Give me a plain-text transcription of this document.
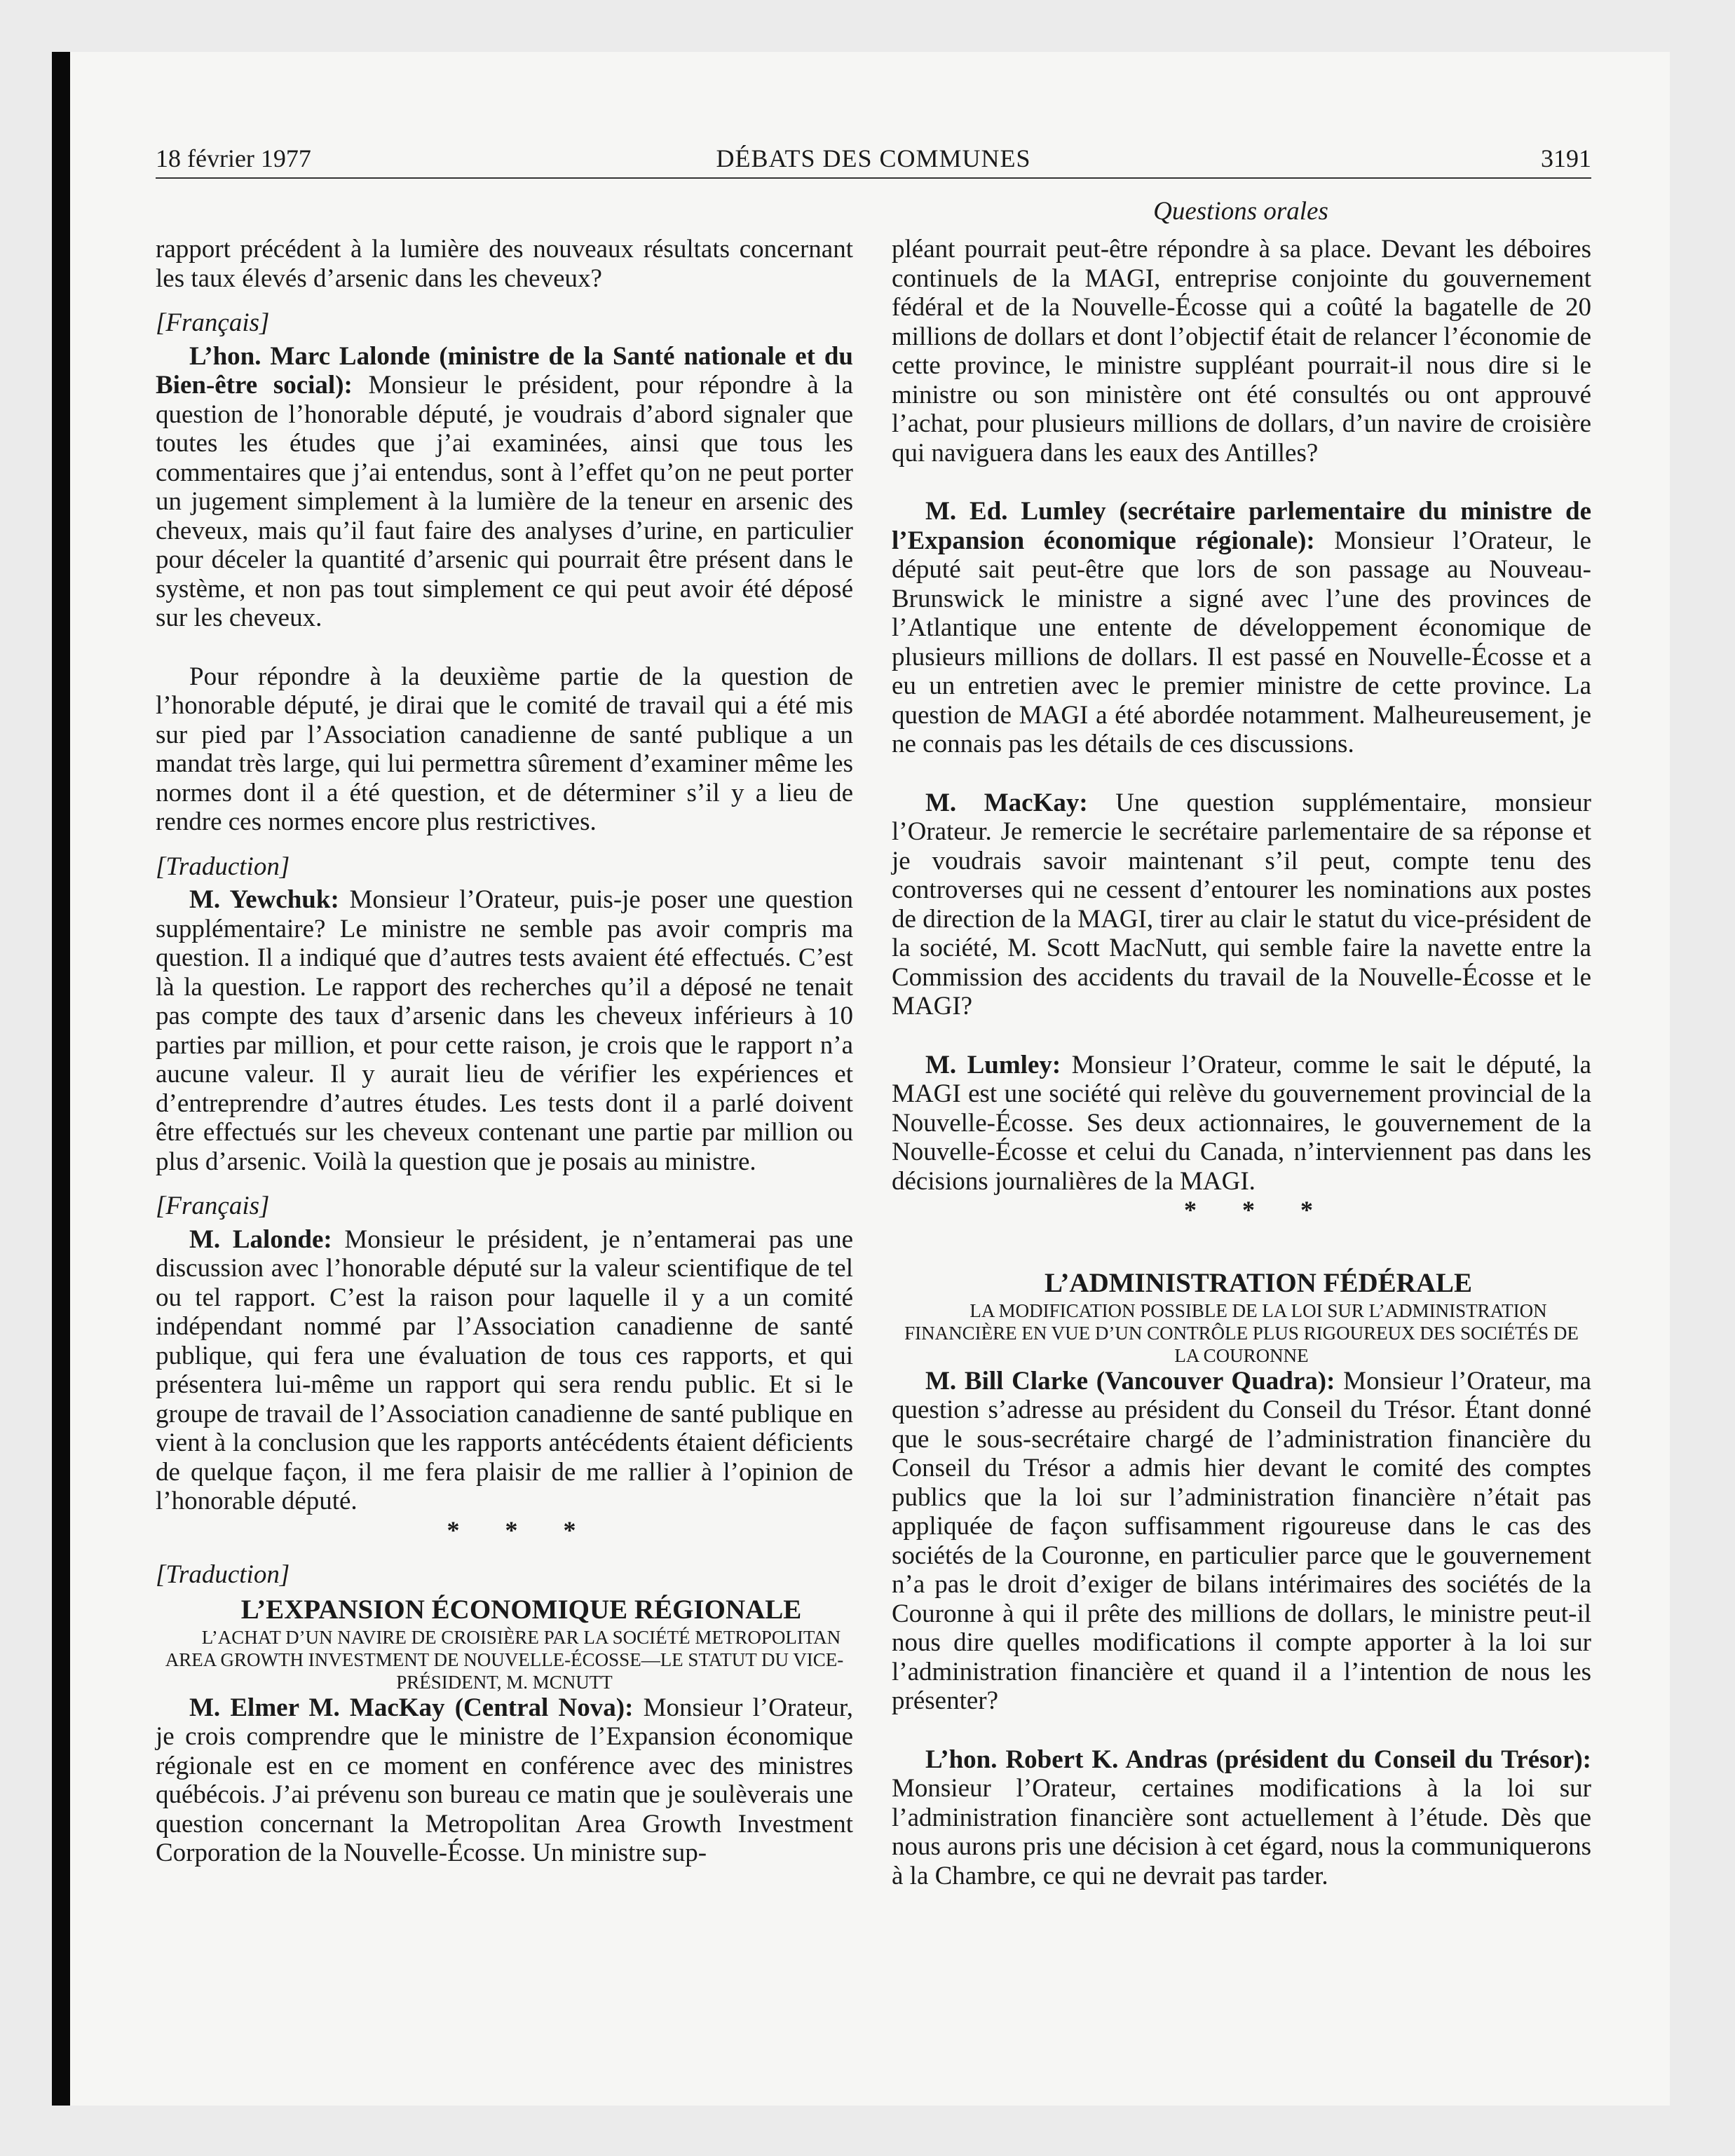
18 février 1977	DÉBATS DES COMMUNES	3191
Questions orales

rapport précédent à la lumière des nouveaux résultats concernant les taux élevés d’arsenic dans les cheveux?

[Français]

L’hon. Marc Lalonde (ministre de la Santé nationale et du Bien-être social): Monsieur le président, pour répondre à la question de l’honorable député, je voudrais d’abord signaler que toutes les études que j’ai examinées, ainsi que tous les commentaires que j’ai entendus, sont à l’effet qu’on ne peut porter un jugement simplement à la lumière de la teneur en arsenic des cheveux, mais qu’il faut faire des analyses d’urine, en particulier pour déceler la quantité d’arsenic qui pourrait être présent dans le système, et non pas tout simplement ce qui peut avoir été déposé sur les cheveux.

Pour répondre à la deuxième partie de la question de l’honorable député, je dirai que le comité de travail qui a été mis sur pied par l’Association canadienne de santé publique a un mandat très large, qui lui permettra sûrement d’examiner même les normes dont il a été question, et de déterminer s’il y a lieu de rendre ces normes encore plus restrictives.

[Traduction]

M. Yewchuk: Monsieur l’Orateur, puis-je poser une question supplémentaire? Le ministre ne semble pas avoir compris ma question. Il a indiqué que d’autres tests avaient été effectués. C’est là la question. Le rapport des recherches qu’il a déposé ne tenait pas compte des taux d’arsenic dans les cheveux inférieurs à 10 parties par million, et pour cette raison, je crois que le rapport n’a aucune valeur. Il y aurait lieu de vérifier les expériences et d’entreprendre d’autres études. Les tests dont il a parlé doivent être effectués sur les cheveux contenant une partie par million ou plus d’arsenic. Voilà la question que je posais au ministre.

[Français]

M. Lalonde: Monsieur le président, je n’entamerai pas une discussion avec l’honorable député sur la valeur scientifique de tel ou tel rapport. C’est la raison pour laquelle il y a un comité indépendant nommé par l’Association canadienne de santé publique, qui fera une évaluation de tous ces rapports, et qui présentera lui-même un rapport qui sera rendu public. Et si le groupe de travail de l’Association canadienne de santé publique en vient à la conclusion que les rapports antécédents étaient déficients de quelque façon, il me fera plaisir de me rallier à l’opinion de l’honorable député.

* * *

[Traduction]

L’EXPANSION ÉCONOMIQUE RÉGIONALE

L’ACHAT D’UN NAVIRE DE CROISIÈRE PAR LA SOCIÉTÉ METROPOLITAN AREA GROWTH INVESTMENT DE NOUVELLE-ÉCOSSE—LE STATUT DU VICE-PRÉSIDENT, M. MCNUTT

M. Elmer M. MacKay (Central Nova): Monsieur l’Orateur, je crois comprendre que le ministre de l’Expansion économique régionale est en ce moment en conférence avec des ministres québécois. J’ai prévenu son bureau ce matin que je soulèverais une question concernant la Metropolitan Area Growth Investment Corporation de la Nouvelle-Écosse. Un ministre sup-

pléant pourrait peut-être répondre à sa place. Devant les déboires continuels de la MAGI, entreprise conjointe du gouvernement fédéral et de la Nouvelle-Écosse qui a coûté la bagatelle de 20 millions de dollars et dont l’objectif était de relancer l’économie de cette province, le ministre suppléant pourrait-il nous dire si le ministre ou son ministère ont été consultés ou ont approuvé l’achat, pour plusieurs millions de dollars, d’un navire de croisière qui naviguera dans les eaux des Antilles?

M. Ed. Lumley (secrétaire parlementaire du ministre de l’Expansion économique régionale): Monsieur l’Orateur, le député sait peut-être que lors de son passage au Nouveau-Brunswick le ministre a signé avec l’une des provinces de l’Atlantique une entente de développement économique de plusieurs millions de dollars. Il est passé en Nouvelle-Écosse et a eu un entretien avec le premier ministre de cette province. La question de MAGI a été abordée notamment. Malheureusement, je ne connais pas les détails de ces discussions.

M. MacKay: Une question supplémentaire, monsieur l’Orateur. Je remercie le secrétaire parlementaire de sa réponse et je voudrais savoir maintenant s’il peut, compte tenu des controverses qui ne cessent d’entourer les nominations aux postes de direction de la MAGI, tirer au clair le statut du vice-président de la société, M. Scott MacNutt, qui semble faire la navette entre la Commission des accidents du travail de la Nouvelle-Écosse et le MAGI?

M. Lumley: Monsieur l’Orateur, comme le sait le député, la MAGI est une société qui relève du gouvernement provincial de la Nouvelle-Écosse. Ses deux actionnaires, le gouvernement de la Nouvelle-Écosse et celui du Canada, n’interviennent pas dans les décisions journalières de la MAGI.

* * *

L’ADMINISTRATION FÉDÉRALE

LA MODIFICATION POSSIBLE DE LA LOI SUR L’ADMINISTRATION FINANCIÈRE EN VUE D’UN CONTRÔLE PLUS RIGOUREUX DES SOCIÉTÉS DE LA COURONNE

M. Bill Clarke (Vancouver Quadra): Monsieur l’Orateur, ma question s’adresse au président du Conseil du Trésor. Étant donné que le sous-secrétaire chargé de l’administration financière du Conseil du Trésor a admis hier devant le comité des comptes publics que la loi sur l’administration financière n’était pas appliquée de façon suffisamment rigoureuse dans le cas des sociétés de la Couronne, en particulier parce que le gouvernement n’a pas le droit d’exiger de bilans intérimaires des sociétés de la Couronne à qui il prête des millions de dollars, le ministre peut-il nous dire quelles modifications il compte apporter à la loi sur l’administration financière et quand il a l’intention de nous les présenter?

L’hon. Robert K. Andras (président du Conseil du Trésor): Monsieur l’Orateur, certaines modifications à la loi sur l’administration financière sont actuellement à l’étude. Dès que nous aurons pris une décision à cet égard, nous la communiquerons à la Chambre, ce qui ne devrait pas tarder.
